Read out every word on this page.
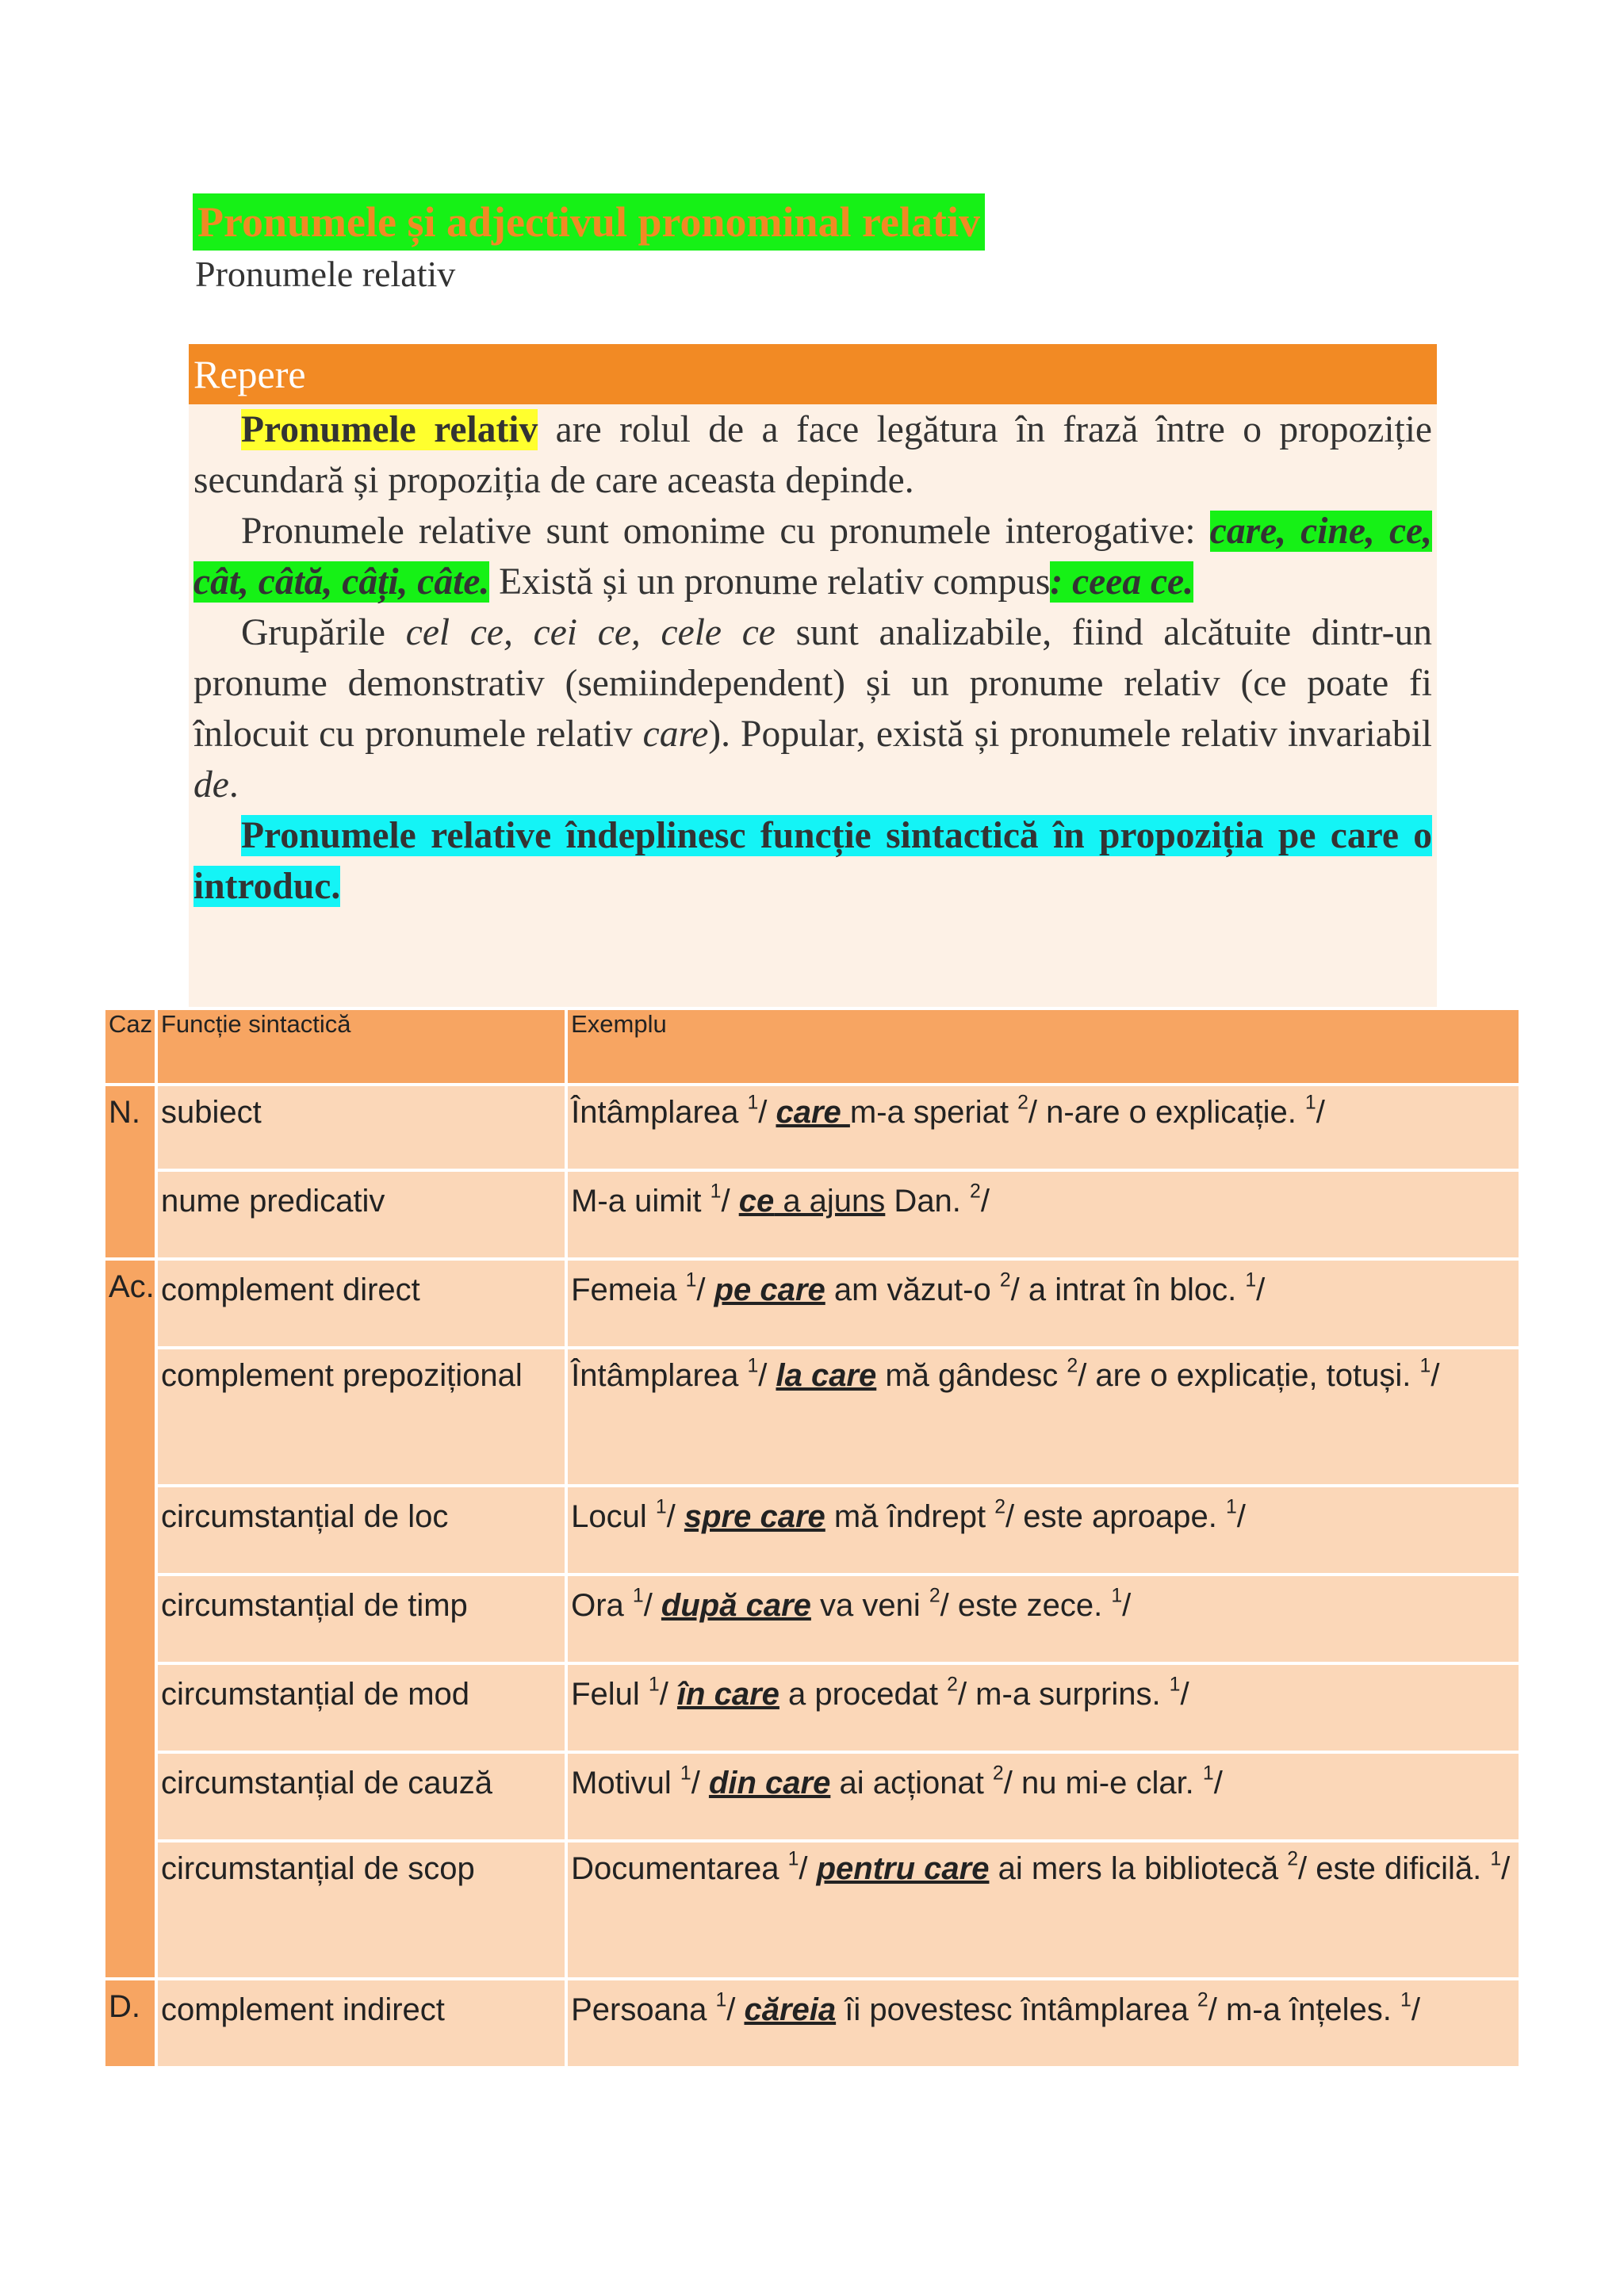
Pronumele și adjectivul pronominal relativ
Pronumele relativ
Repere

Pronumele relativ are rolul de a face legătura în frază între o propoziție secundară și propoziția de care aceasta depinde.

Pronumele relative sunt omonime cu pronumele interogative: care, cine, ce, cât, câtă, câți, câte. Există și un pronume relativ compus: ceea ce.

Grupările cel ce, cei ce, cele ce sunt analizabile, fiind alcătuite dintr-un pronume demonstrativ (semiindependent) și un pronume relativ (ce poate fi înlocuit cu pronumele relativ care). Popular, există și pronumele relativ invariabil de.

Pronumele relative îndeplinesc funcție sintactică în propoziția pe care o introduc.

Caz	Funcție sintactică	Exemplu
N.	subiect	Întâmplarea $^1$/ care m-a speriat $^2$/ n-are o explicație. $^1$/
	nume predicativ	M-a uimit $^1$/ ce a ajuns Dan. $^2$/
Ac.	complement direct	Femeia $^1$/ pe care am văzut-o $^2$/ a intrat în bloc. $^1$/
	complement prepozițional	Întâmplarea $^1$/ la care mă gândesc $^2$/ are o explicație, totuși. $^1$/
	circumstanțial de loc	Locul $^1$/ spre care mă îndrept $^2$/ este aproape. $^1$/
	circumstanțial de timp	Ora $^1$/ după care va veni $^2$/ este zece. $^1$/
	circumstanțial de mod	Felul $^1$/ în care a procedat $^2$/ m-a surprins. $^1$/
	circumstanțial de cauză	Motivul $^1$/ din care ai acționat $^2$/ nu mi-e clar. $^1$/
	circumstanțial de scop	Documentarea $^1$/ pentru care ai mers la bibliotecă $^2$/ este dificilă. $^1$/
D.	complement indirect	Persoana $^1$/ căreia îi povestesc întâmplarea $^2$/ m-a înțeles. $^1$/
